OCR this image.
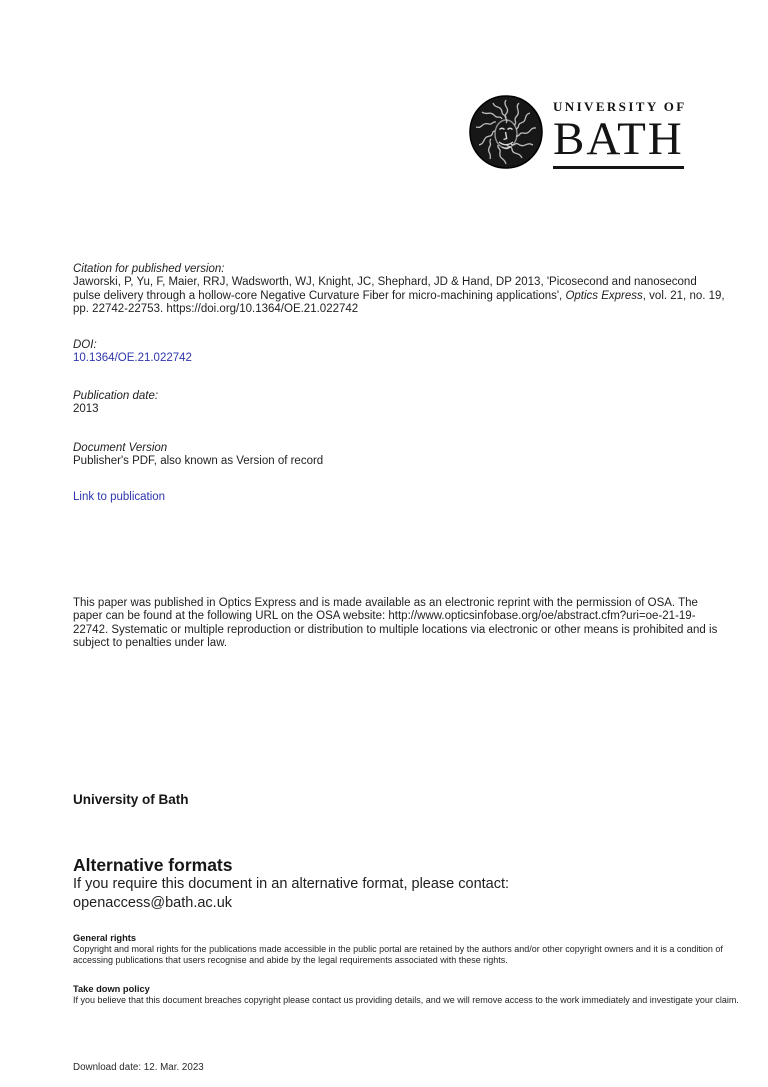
UNIVERSITY OF
BATH

Citation for published version:

Jaworski, P, Yu, F, Maier, RRJ, Wadsworth, WJ, Knight, JC, Shephard, JD & Hand, DP 2013, 'Picosecond and nanosecond pulse delivery through a hollow-core Negative Curvature Fiber for micro-machining applications', Optics Express, vol. 21, no. 19, pp. 22742-22753. https://doi.org/10.1364/OE.21.022742

DOI:

10.1364/OE.21.022742

Publication date:

2013

Document Version

Publisher's PDF, also known as Version of record

Link to publication

This paper was published in Optics Express and is made available as an electronic reprint with the permission of OSA. The paper can be found at the following URL on the OSA website: http://www.opticsinfobase.org/oe/abstract.cfm?uri=oe-21-19-22742. Systematic or multiple reproduction or distribution to multiple locations via electronic or other means is prohibited and is subject to penalties under law.

University of Bath

Alternative formats

If you require this document in an alternative format, please contact:

openaccess@bath.ac.uk

General rights

Copyright and moral rights for the publications made accessible in the public portal are retained by the authors and/or other copyright owners and it is a condition of accessing publications that users recognise and abide by the legal requirements associated with these rights.

Take down policy

If you believe that this document breaches copyright please contact us providing details, and we will remove access to the work immediately and investigate your claim.

Download date: 12. Mar. 2023
